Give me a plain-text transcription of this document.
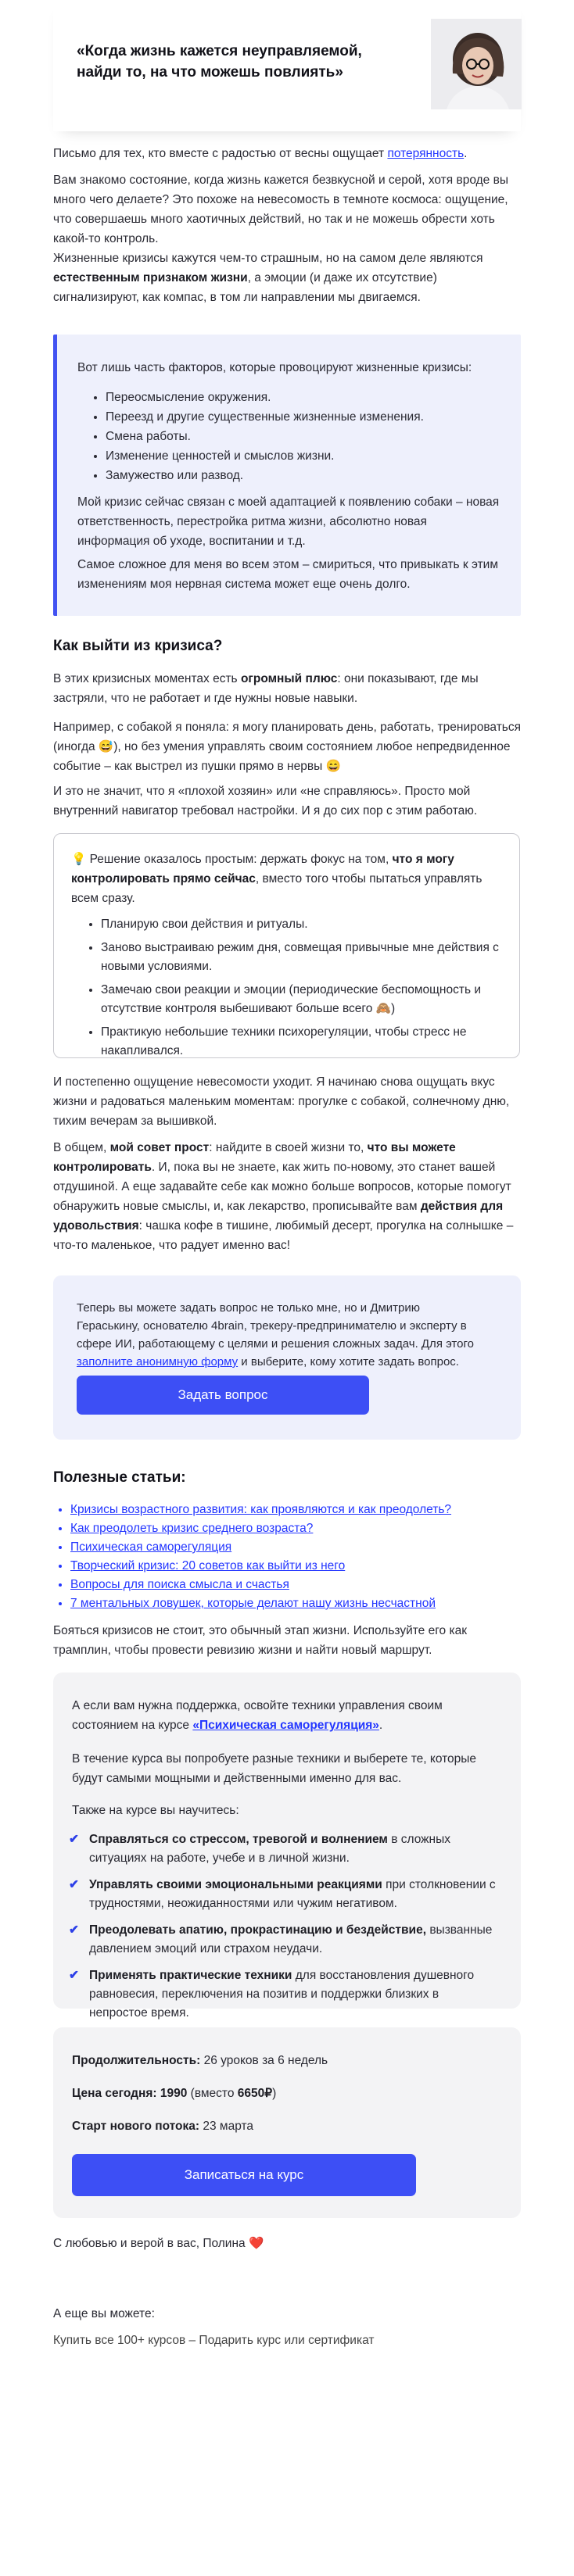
«Когда жизнь кажется неуправляемой, найди то, на что можешь повлиять»

Письмо для тех, кто вместе с радостью от весны ощущает потерянность.

Вам знакомо состояние, когда жизнь кажется безвкусной и серой, хотя вроде вы много чего делаете? Это похоже на невесомость в темноте космоса: ощущение, что совершаешь много хаотичных действий, но так и не можешь обрести хоть какой-то контроль.

Жизненные кризисы кажутся чем-то страшным, но на самом деле являются естественным признаком жизни, а эмоции (и даже их отсутствие) сигнализируют, как компас, в том ли направлении мы двигаемся.

Вот лишь часть факторов, которые провоцируют жизненные кризисы:

• Переосмысление окружения.
• Переезд и другие существенные жизненные изменения.
• Смена работы.
• Изменение ценностей и смыслов жизни.
• Замужество или развод.

Мой кризис сейчас связан с моей адаптацией к появлению собаки – новая ответственность, перестройка ритма жизни, абсолютно новая информация об уходе, воспитании и т.д.

Самое сложное для меня во всем этом – смириться, что привыкать к этим изменениям моя нервная система может еще очень долго.

Как выйти из кризиса?

В этих кризисных моментах есть огромный плюс: они показывают, где мы застряли, что не работает и где нужны новые навыки.

Например, с собакой я поняла: я могу планировать день, работать, тренироваться (иногда 😅), но без умения управлять своим состоянием любое непредвиденное событие – как выстрел из пушки прямо в нервы 😄

И это не значит, что я «плохой хозяин» или «не справляюсь». Просто мой внутренний навигатор требовал настройки. И я до сих пор с этим работаю.

💡 Решение оказалось простым: держать фокус на том, что я могу контролировать прямо сейчас, вместо того чтобы пытаться управлять всем сразу.

• Планирую свои действия и ритуалы.
• Заново выстраиваю режим дня, совмещая привычные мне действия с новыми условиями.
• Замечаю свои реакции и эмоции (периодические беспомощность и отсутствие контроля выбешивают больше всего 🙈)
• Практикую небольшие техники психорегуляции, чтобы стресс не накапливался.

И постепенно ощущение невесомости уходит. Я начинаю снова ощущать вкус жизни и радоваться маленьким моментам: прогулке с собакой, солнечному дню, тихим вечерам за вышивкой.

В общем, мой совет прост: найдите в своей жизни то, что вы можете контролировать. И, пока вы не знаете, как жить по-новому, это станет вашей отдушиной. А еще задавайте себе как можно больше вопросов, которые помогут обнаружить новые смыслы, и, как лекарство, прописывайте вам действия для удовольствия: чашка кофе в тишине, любимый десерт, прогулка на солнышке – что-то маленькое, что радует именно вас!

Теперь вы можете задать вопрос не только мне, но и Дмитрию Гераськину, основателю 4brain, трекеру-предпринимателю и эксперту в сфере ИИ, работающему с целями и решения сложных задач. Для этого заполните анонимную форму и выберите, кому хотите задать вопрос.

Задать вопрос
Полезные статьи:
• Кризисы возрастного развития: как проявляются и как преодолеть?
• Как преодолеть кризис среднего возраста?
• Психическая саморегуляция
• Творческий кризис: 20 советов как выйти из него
• Вопросы для поиска смысла и счастья
• 7 ментальных ловушек, которые делают нашу жизнь несчастной

Бояться кризисов не стоит, это обычный этап жизни. Используйте его как трамплин, чтобы провести ревизию жизни и найти новый маршрут.

А если вам нужна поддержка, освойте техники управления своим состоянием на курсе «Психическая саморегуляция».

В течение курса вы попробуете разные техники и выберете те, которые будут самыми мощными и действенными именно для вас.

Также на курсе вы научитесь:

✔ Справляться со стрессом, тревогой и волнением в сложных ситуациях на работе, учебе и в личной жизни.
✔ Управлять своими эмоциональными реакциями при столкновении с трудностями, неожиданностями или чужим негативом.
✔ Преодолевать апатию, прокрастинацию и бездействие, вызванные давлением эмоций или страхом неудачи.
✔ Применять практические техники для восстановления душевного равновесия, переключения на позитив и поддержки близких в непростое время.

Продолжительность: 26 уроков за 6 недель

Цена сегодня: 1990 (вместо 6650₽)

Старт нового потока: 23 марта

Записаться на курс

С любовью и верой в вас, Полина ❤️

А еще вы можете:

Купить все 100+ курсов – Подарить курс или сертификат
